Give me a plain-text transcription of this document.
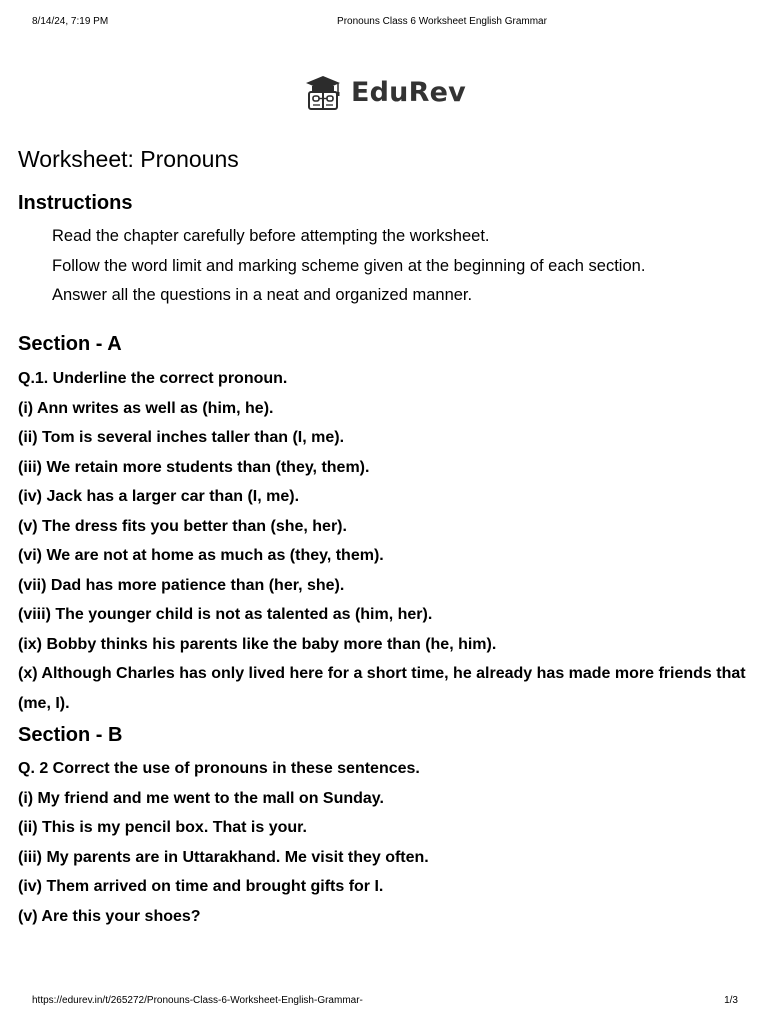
8/14/24, 7:19 PM	Pronouns Class 6 Worksheet English Grammar
EduRev
Worksheet: Pronouns
Instructions
Read the chapter carefully before attempting the worksheet.
Follow the word limit and marking scheme given at the beginning of each section.
Answer all the questions in a neat and organized manner.
Section - A
Q.1. Underline the correct pronoun.
(i) Ann writes as well as (him, he).
(ii) Tom is several inches taller than (I, me).
(iii) We retain more students than (they, them).
(iv) Jack has a larger car than (I, me).
(v) The dress fits you better than (she, her).
(vi) We are not at home as much as (they, them).
(vii) Dad has more patience than (her, she).
(viii) The younger child is not as talented as (him, her).
(ix) Bobby thinks his parents like the baby more than (he, him).
(x) Although Charles has only lived here for a short time, he already has made more friends that (me, I).
Section - B
Q. 2 Correct the use of pronouns in these sentences.
(i) My friend and me went to the mall on Sunday.
(ii) This is my pencil box. That is your.
(iii) My parents are in Uttarakhand. Me visit they often.
(iv) Them arrived on time and brought gifts for I.
(v) Are this your shoes?
https://edurev.in/t/265272/Pronouns-Class-6-Worksheet-English-Grammar-	1/3
